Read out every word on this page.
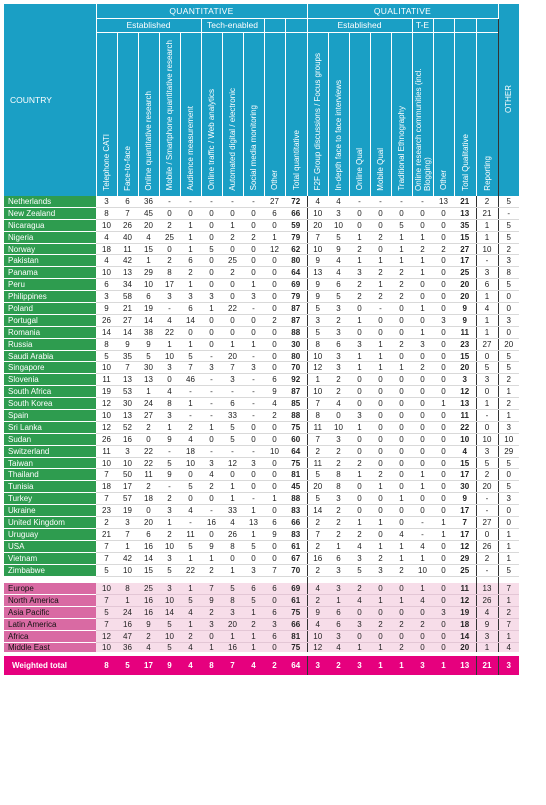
COUNTRY	QUANTITATIVE										QUALITATIVE									OTHER
	Established					Tech-enabled					Established					T-E				
	Telephone CATI	Face-to-face	Online quantitative research	Mobile / Smartphone quantitative research	Audience measurement	Online traffic / Web analytics	Automated digital / electronic	Social media monitoring	Other	Total quantitative	F2F Group discussions / Focus groups	In-depth face to face interviews	Online Qual	Mobile Qual	Traditional Ethnography	Online research communities (incl. Blogging)	Other	Total Qualitative	Reporting	
Netherlands	3	6	36	-	-	-	-	-	27	72	4	4	-	-	-	-	13	21	2	5
New Zealand	8	7	45	0	0	0	0	0	6	66	10	3	0	0	0	0	0	13	21	-
Nicaragua	10	26	20	2	1	0	1	0	0	59	20	10	0	0	5	0	0	35	1	5
Nigeria	4	40	4	25	1	0	2	2	1	79	7	5	1	2	1	1	0	15	1	5
Norway	18	11	15	0	1	5	0	0	12	62	10	9	2	0	1	2	2	27	10	2
Pakistan	4	42	1	2	6	0	25	0	0	80	9	4	1	1	1	1	0	17	-	3
Panama	10	13	29	8	2	0	2	0	0	64	13	4	3	2	2	1	0	25	3	8
Peru	6	34	10	17	1	0	0	1	0	69	9	6	2	1	2	0	0	20	6	5
Philippines	3	58	6	3	3	3	0	3	0	79	9	5	2	2	2	0	0	20	1	0
Poland	9	21	19	-	6	1	22	-	0	87	5	3	0	-	0	1	0	9	4	0
Portugal	26	27	14	4	14	0	0	0	2	87	3	2	1	0	0	0	3	9	1	3
Romania	14	14	38	22	0	0	0	0	0	88	5	3	0	0	0	1	0	11	1	0
Russia	8	9	9	1	1	0	1	1	0	30	8	6	3	1	2	3	0	23	27	20
Saudi Arabia	5	35	5	10	5	-	20	-	0	80	10	3	1	1	0	0	0	15	0	5
Singapore	10	7	30	3	7	3	7	3	0	70	12	3	1	1	1	2	0	20	5	5
Slovenia	11	13	13	0	46	-	3	-	6	92	1	2	0	0	0	0	0	3	3	2
South Africa	19	53	1	4	-	-	-	-	9	87	10	2	0	0	0	0	0	12	0	1
South Korea	12	30	24	8	1	-	6	-	4	85	7	4	0	0	0	0	1	13	1	2
Spain	10	13	27	3	-	-	33	-	2	88	8	0	3	0	0	0	0	11	-	1
Sri Lanka	12	52	2	1	2	1	5	0	0	75	11	10	1	0	0	0	0	22	0	3
Sudan	26	16	0	9	4	0	5	0	0	60	7	3	0	0	0	0	0	10	10	10
Switzerland	11	3	22	-	18	-	-	-	10	64	2	2	0	0	0	0	0	4	3	29
Taiwan	10	10	22	5	10	3	12	3	0	75	11	2	2	0	0	0	0	15	5	5
Thailand	7	50	11	9	0	4	0	0	0	81	5	8	1	2	0	1	0	17	2	0
Tunisia	18	17	2	-	5	2	1	0	0	45	20	8	0	1	0	1	0	30	20	5
Turkey	7	57	18	2	0	0	1	-	1	88	5	3	0	0	1	0	0	9	-	3
Ukraine	23	19	0	3	4	-	33	1	0	83	14	2	0	0	0	0	0	17	-	0
United Kingdom	2	3	20	1	-	16	4	13	6	66	2	2	1	1	0	-	1	7	27	0
Uruguay	21	7	6	2	11	0	26	1	9	83	7	2	2	0	4	-	1	17	0	1
USA	7	1	16	10	5	9	8	5	0	61	2	1	4	1	1	4	0	12	26	1
Vietnam	7	42	14	3	1	1	0	0	0	67	16	6	3	2	1	1	0	29	2	1
Zimbabwe	5	10	15	5	22	2	1	3	7	70	2	3	5	3	2	10	0	25	-	5

Europe	10	8	25	3	1	7	5	6	6	69	4	3	2	0	0	1	0	11	13	7
North America	7	1	16	10	5	9	8	5	0	61	2	1	4	1	1	4	0	12	26	1
Asia Pacific	5	24	16	14	4	2	3	1	6	75	9	6	0	0	0	0	3	19	4	2
Latin America	7	16	9	5	1	3	20	2	3	66	4	6	3	2	2	2	0	18	9	7
Africa	12	47	2	10	2	0	1	1	6	81	10	3	0	0	0	0	0	14	3	1
Middle East	10	36	4	5	4	1	16	1	0	75	12	4	1	1	2	0	0	20	1	4
Weighted total	8	5	17	9	4	8	7	4	2	64	3	2	3	1	1	3	1	13	21	3
